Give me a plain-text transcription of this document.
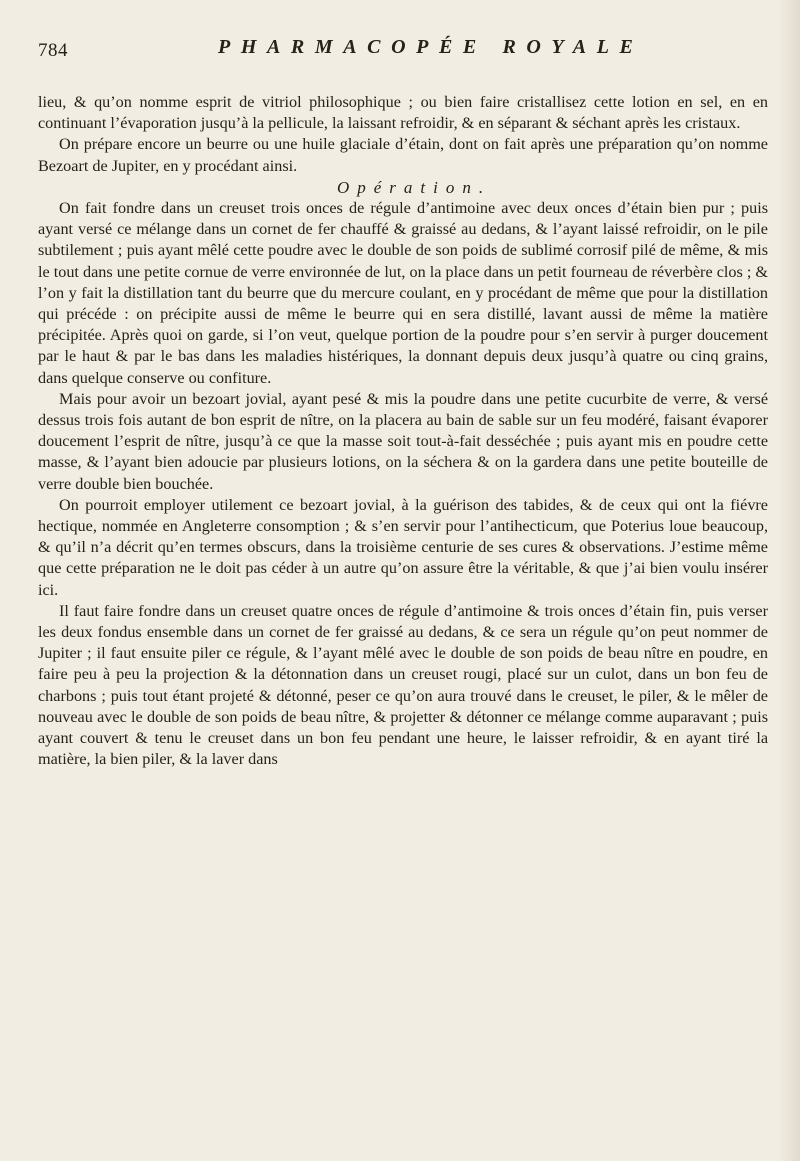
784	PHARMACOPÉE ROYALE

lieu, & qu’on nomme esprit de vitriol philosophique ; ou bien faire cristallisez cette lotion en sel, en en continuant l’évaporation jusqu’à la pellicule, la laissant refroidir, & en séparant & séchant après les cristaux.

On prépare encore un beurre ou une huile glaciale d’étain, dont on fait après une préparation qu’on nomme Bezoart de Jupiter, en y procédant ainsi.

Opération.

On fait fondre dans un creuset trois onces de régule d’antimoine avec deux onces d’étain bien pur ; puis ayant versé ce mélange dans un cornet de fer chauffé & graissé au dedans, & l’ayant laissé refroidir, on le pile subtilement ; puis ayant mêlé cette poudre avec le double de son poids de sublimé corrosif pilé de même, & mis le tout dans une petite cornue de verre environnée de lut, on la place dans un petit fourneau de réverbère clos ; & l’on y fait la distillation tant du beurre que du mercure coulant, en y procédant de même que pour la distillation qui précéde : on précipite aussi de même le beurre qui en sera distillé, lavant aussi de même la matière précipitée. Après quoi on garde, si l’on veut, quelque portion de la poudre pour s’en servir à purger doucement par le haut & par le bas dans les maladies histériques, la donnant depuis deux jusqu’à quatre ou cinq grains, dans quelque conserve ou confiture.

Mais pour avoir un bezoart jovial, ayant pesé & mis la poudre dans une petite cucurbite de verre, & versé dessus trois fois autant de bon esprit de nître, on la placera au bain de sable sur un feu modéré, faisant évaporer doucement l’esprit de nître, jusqu’à ce que la masse soit tout-à-fait desséchée ; puis ayant mis en poudre cette masse, & l’ayant bien adoucie par plusieurs lotions, on la séchera & on la gardera dans une petite bouteille de verre double bien bouchée.

On pourroit employer utilement ce bezoart jovial, à la guérison des tabides, & de ceux qui ont la fiévre hectique, nommée en Angleterre consomption ; & s’en servir pour l’antihecticum, que Poterius loue beaucoup, & qu’il n’a décrit qu’en termes obscurs, dans la troisième centurie de ses cures & observations. J’estime même que cette préparation ne le doit pas céder à un autre qu’on assure être la véritable, & que j’ai bien voulu insérer ici.

Il faut faire fondre dans un creuset quatre onces de régule d’antimoine & trois onces d’étain fin, puis verser les deux fondus ensemble dans un cornet de fer graissé au dedans, & ce sera un régule qu’on peut nommer de Jupiter ; il faut ensuite piler ce régule, & l’ayant mêlé avec le double de son poids de beau nître en poudre, en faire peu à peu la projection & la détonnation dans un creuset rougi, placé sur un culot, dans un bon feu de charbons ; puis tout étant projeté & détonné, peser ce qu’on aura trouvé dans le creuset, le piler, & le mêler de nouveau avec le double de son poids de beau nître, & projetter & détonner ce mélange comme auparavant ; puis ayant couvert & tenu le creuset dans un bon feu pendant une heure, le laisser refroidir, & en ayant tiré la matière, la bien piler, & la laver dans
